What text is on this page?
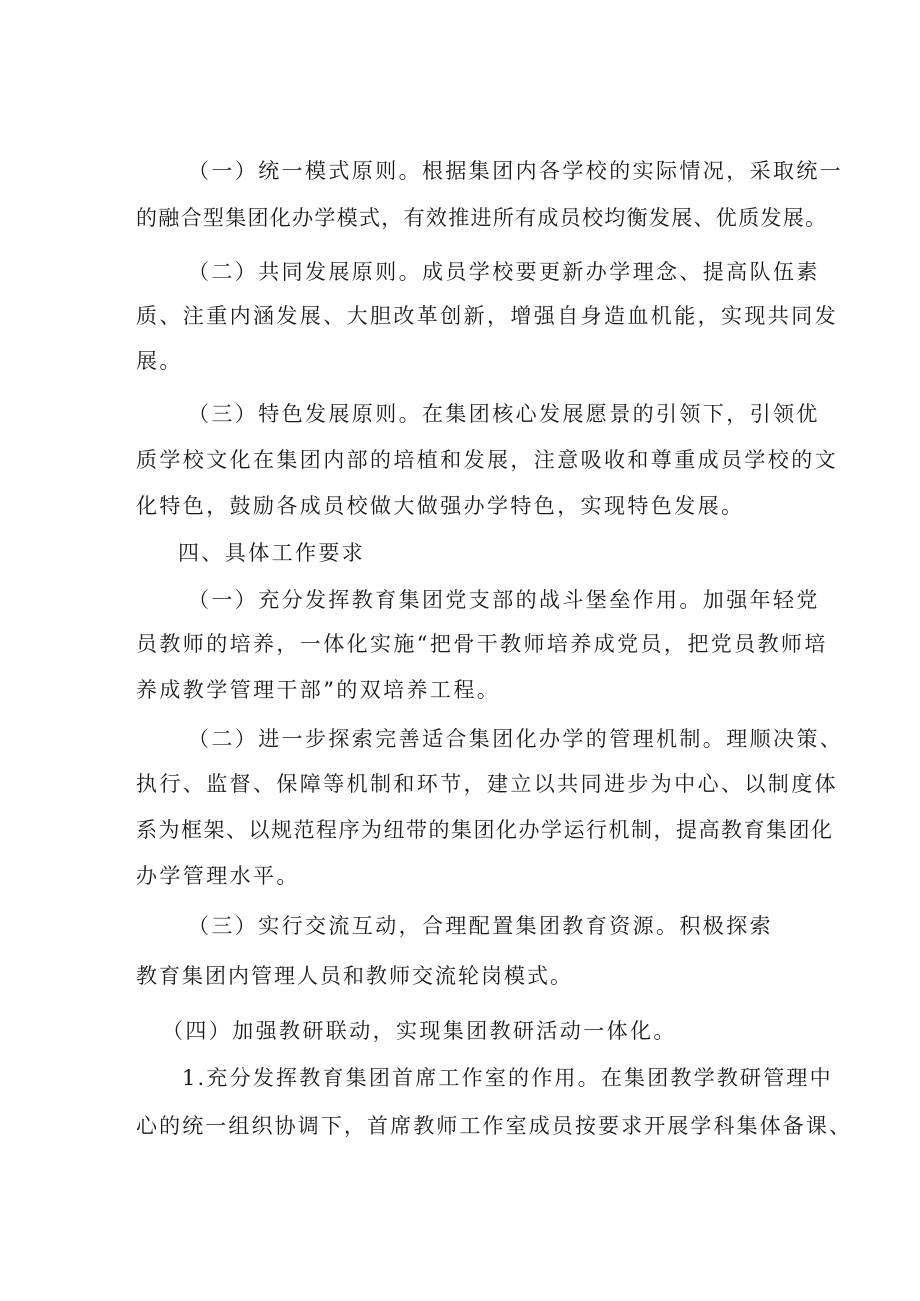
（一）统一模式原则。根据集团内各学校的实际情况，采取统一
的融合型集团化办学模式，有效推进所有成员校均衡发展、优质发展。
（二）共同发展原则。成员学校要更新办学理念、提高队伍素
质、注重内涵发展、大胆改革创新，增强自身造血机能，实现共同发
展。
（三）特色发展原则。在集团核心发展愿景的引领下，引领优
质学校文化在集团内部的培植和发展，注意吸收和尊重成员学校的文
化特色，鼓励各成员校做大做强办学特色，实现特色发展。
四、具体工作要求
（一）充分发挥教育集团党支部的战斗堡垒作用。加强年轻党
员教师的培养，一体化实施“把骨干教师培养成党员，把党员教师培
养成教学管理干部”的双培养工程。
（二）进一步探索完善适合集团化办学的管理机制。理顺决策、
执行、监督、保障等机制和环节，建立以共同进步为中心、以制度体
系为框架、以规范程序为纽带的集团化办学运行机制，提高教育集团化
办学管理水平。
（三）实行交流互动，合理配置集团教育资源。积极探索
教育集团内管理人员和教师交流轮岗模式。
（四）加强教研联动，实现集团教研活动一体化。
1.充分发挥教育集团首席工作室的作用。在集团教学教研管理中
心的统一组织协调下，首席教师工作室成员按要求开展学科集体备课、
